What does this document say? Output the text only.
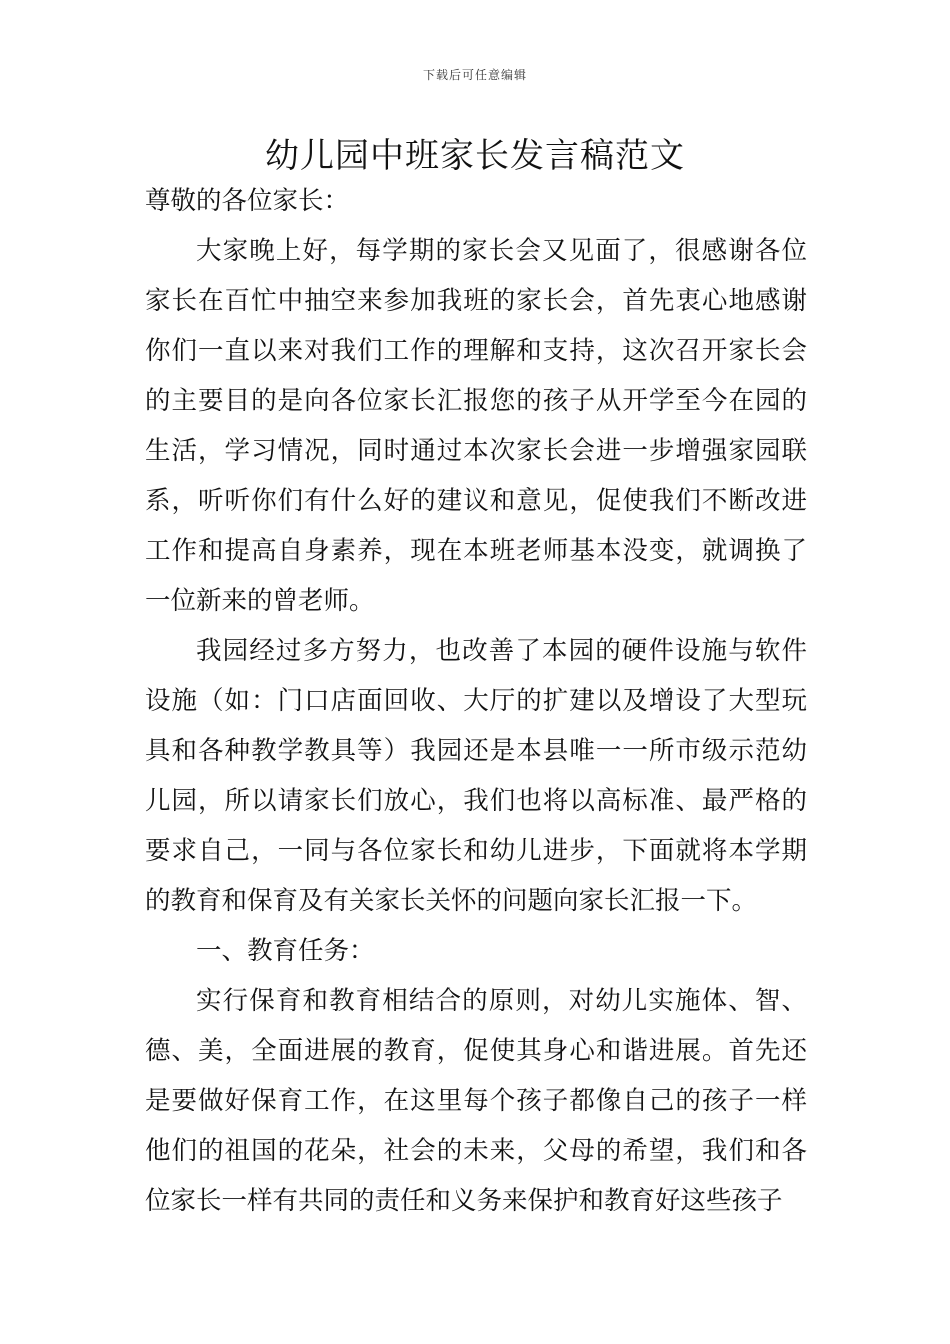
下载后可任意编辑
幼儿园中班家长发言稿范文

尊敬的各位家长：

大家晚上好，每学期的家长会又见面了，很感谢各位家长在百忙中抽空来参加我班的家长会，首先衷心地感谢你们一直以来对我们工作的理解和支持，这次召开家长会的主要目的是向各位家长汇报您的孩子从开学至今在园的生活，学习情况，同时通过本次家长会进一步增强家园联系，听听你们有什么好的建议和意见，促使我们不断改进工作和提高自身素养，现在本班老师基本没变，就调换了一位新来的曾老师。

我园经过多方努力，也改善了本园的硬件设施与软件设施（如：门口店面回收、大厅的扩建以及增设了大型玩具和各种教学教具等）我园还是本县唯一一所市级示范幼儿园，所以请家长们放心，我们也将以高标准、最严格的要求自己，一同与各位家长和幼儿进步，下面就将本学期的教育和保育及有关家长关怀的问题向家长汇报一下。

一、教育任务：

实行保育和教育相结合的原则，对幼儿实施体、智、德、美，全面进展的教育，促使其身心和谐进展。首先还是要做好保育工作，在这里每个孩子都像自己的孩子一样他们的祖国的花朵，社会的未来，父母的希望，我们和各位家长一样有共同的责任和义务来保护和教育好这些孩子
